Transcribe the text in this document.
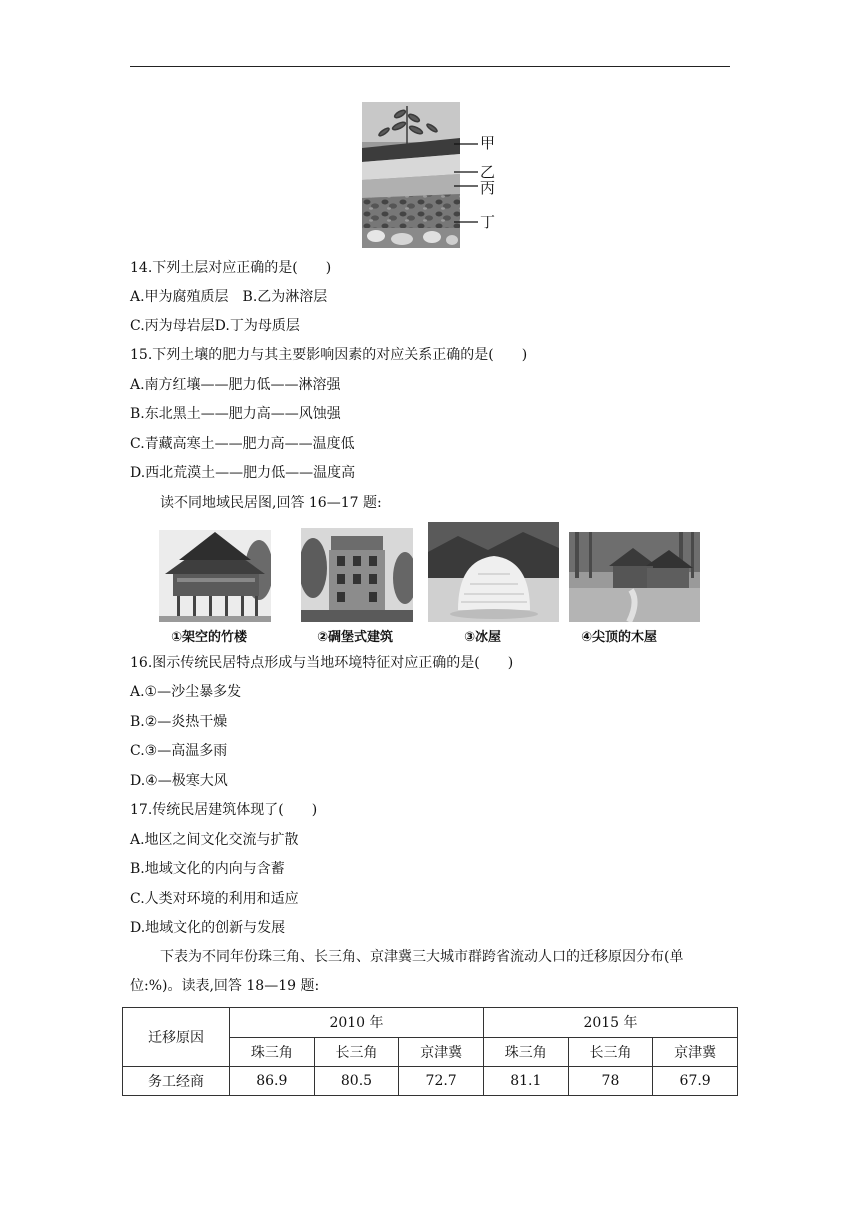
甲
乙
丙
丁
14.下列土层对应正确的是(　　)
A.甲为腐殖质层　B.乙为淋溶层
C.丙为母岩层D.丁为母质层
15.下列土壤的肥力与其主要影响因素的对应关系正确的是(　　)
A.南方红壤——肥力低——淋溶强
B.东北黑土——肥力高——风蚀强
C.青藏高寒土——肥力高——温度低
D.西北荒漠土——肥力低——温度高
读不同地域民居图,回答 16—17 题:
①架空的竹楼	②碉堡式建筑	③冰屋	④尖顶的木屋
16.图示传统民居特点形成与当地环境特征对应正确的是(　　)
A.①—沙尘暴多发
B.②—炎热干燥
C.③—高温多雨
D.④—极寒大风
17.传统民居建筑体现了(　　)
A.地区之间文化交流与扩散
B.地域文化的内向与含蓄
C.人类对环境的利用和适应
D.地域文化的创新与发展
下表为不同年份珠三角、长三角、京津冀三大城市群跨省流动人口的迁移原因分布(单
位:%)。读表,回答 18—19 题:
迁移原因	2010 年			2015 年		
	珠三角	长三角	京津冀	珠三角	长三角	京津冀
务工经商	86.9	80.5	72.7	81.1	78	67.9
